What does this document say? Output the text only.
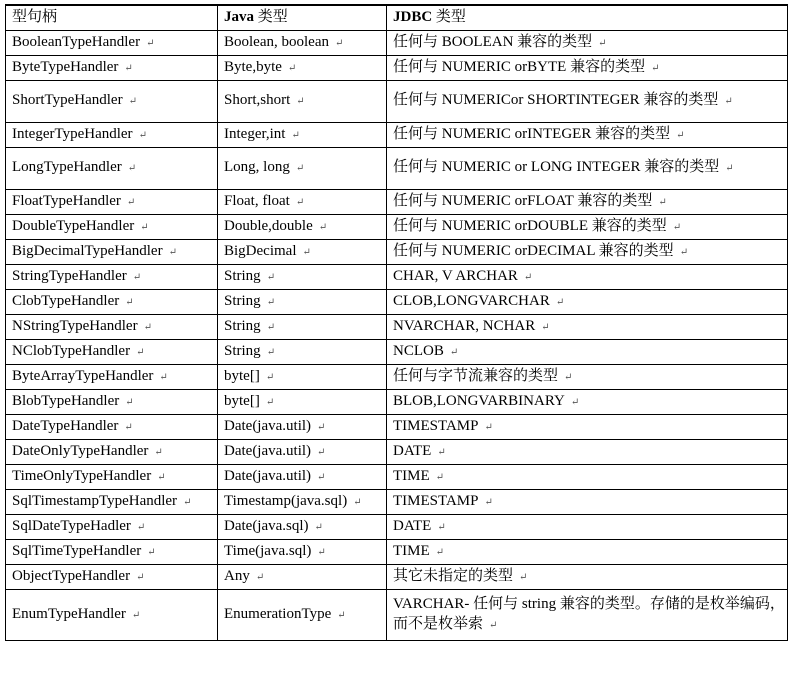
型句柄	Java 类型	JDBC 类型
BooleanTypeHandler ↵	Boolean, boolean ↵	任何与 BOOLEAN 兼容的类型 ↵
ByteTypeHandler ↵	Byte,byte ↵	任何与 NUMERIC orBYTE 兼容的类型 ↵
ShortTypeHandler ↵	Short,short ↵	任何与 NUMERICor SHORTINTEGER 兼容的类型 ↵
IntegerTypeHandler ↵	Integer,int ↵	任何与 NUMERIC orINTEGER 兼容的类型 ↵
LongTypeHandler ↵	Long, long ↵	任何与 NUMERIC or LONG INTEGER 兼容的类型 ↵
FloatTypeHandler ↵	Float, float ↵	任何与 NUMERIC orFLOAT 兼容的类型 ↵
DoubleTypeHandler ↵	Double,double ↵	任何与 NUMERIC orDOUBLE 兼容的类型 ↵
BigDecimalTypeHandler ↵	BigDecimal ↵	任何与 NUMERIC orDECIMAL 兼容的类型 ↵
StringTypeHandler ↵	String ↵	CHAR, V ARCHAR ↵
ClobTypeHandler ↵	String ↵	CLOB,LONGVARCHAR ↵
NStringTypeHandler ↵	String ↵	NVARCHAR, NCHAR ↵
NClobTypeHandler ↵	String ↵	NCLOB ↵
ByteArrayTypeHandler ↵	byte[] ↵	任何与字节流兼容的类型 ↵
BlobTypeHandler ↵	byte[] ↵	BLOB,LONGVARBINARY ↵
DateTypeHandler ↵	Date(java.util) ↵	TIMESTAMP ↵
DateOnlyTypeHandler ↵	Date(java.util) ↵	DATE ↵
TimeOnlyTypeHandler ↵	Date(java.util) ↵	TIME ↵
SqlTimestampTypeHandler ↵	Timestamp(java.sql) ↵	TIMESTAMP ↵
SqlDateTypeHadler ↵	Date(java.sql) ↵	DATE ↵
SqlTimeTypeHandler ↵	Time(java.sql) ↵	TIME ↵
ObjectTypeHandler ↵	Any ↵	其它未指定的类型 ↵
EnumTypeHandler ↵	EnumerationType ↵	VARCHAR- 任何与 string 兼容的类型。存储的是枚举编码，而不是枚举索 ↵
